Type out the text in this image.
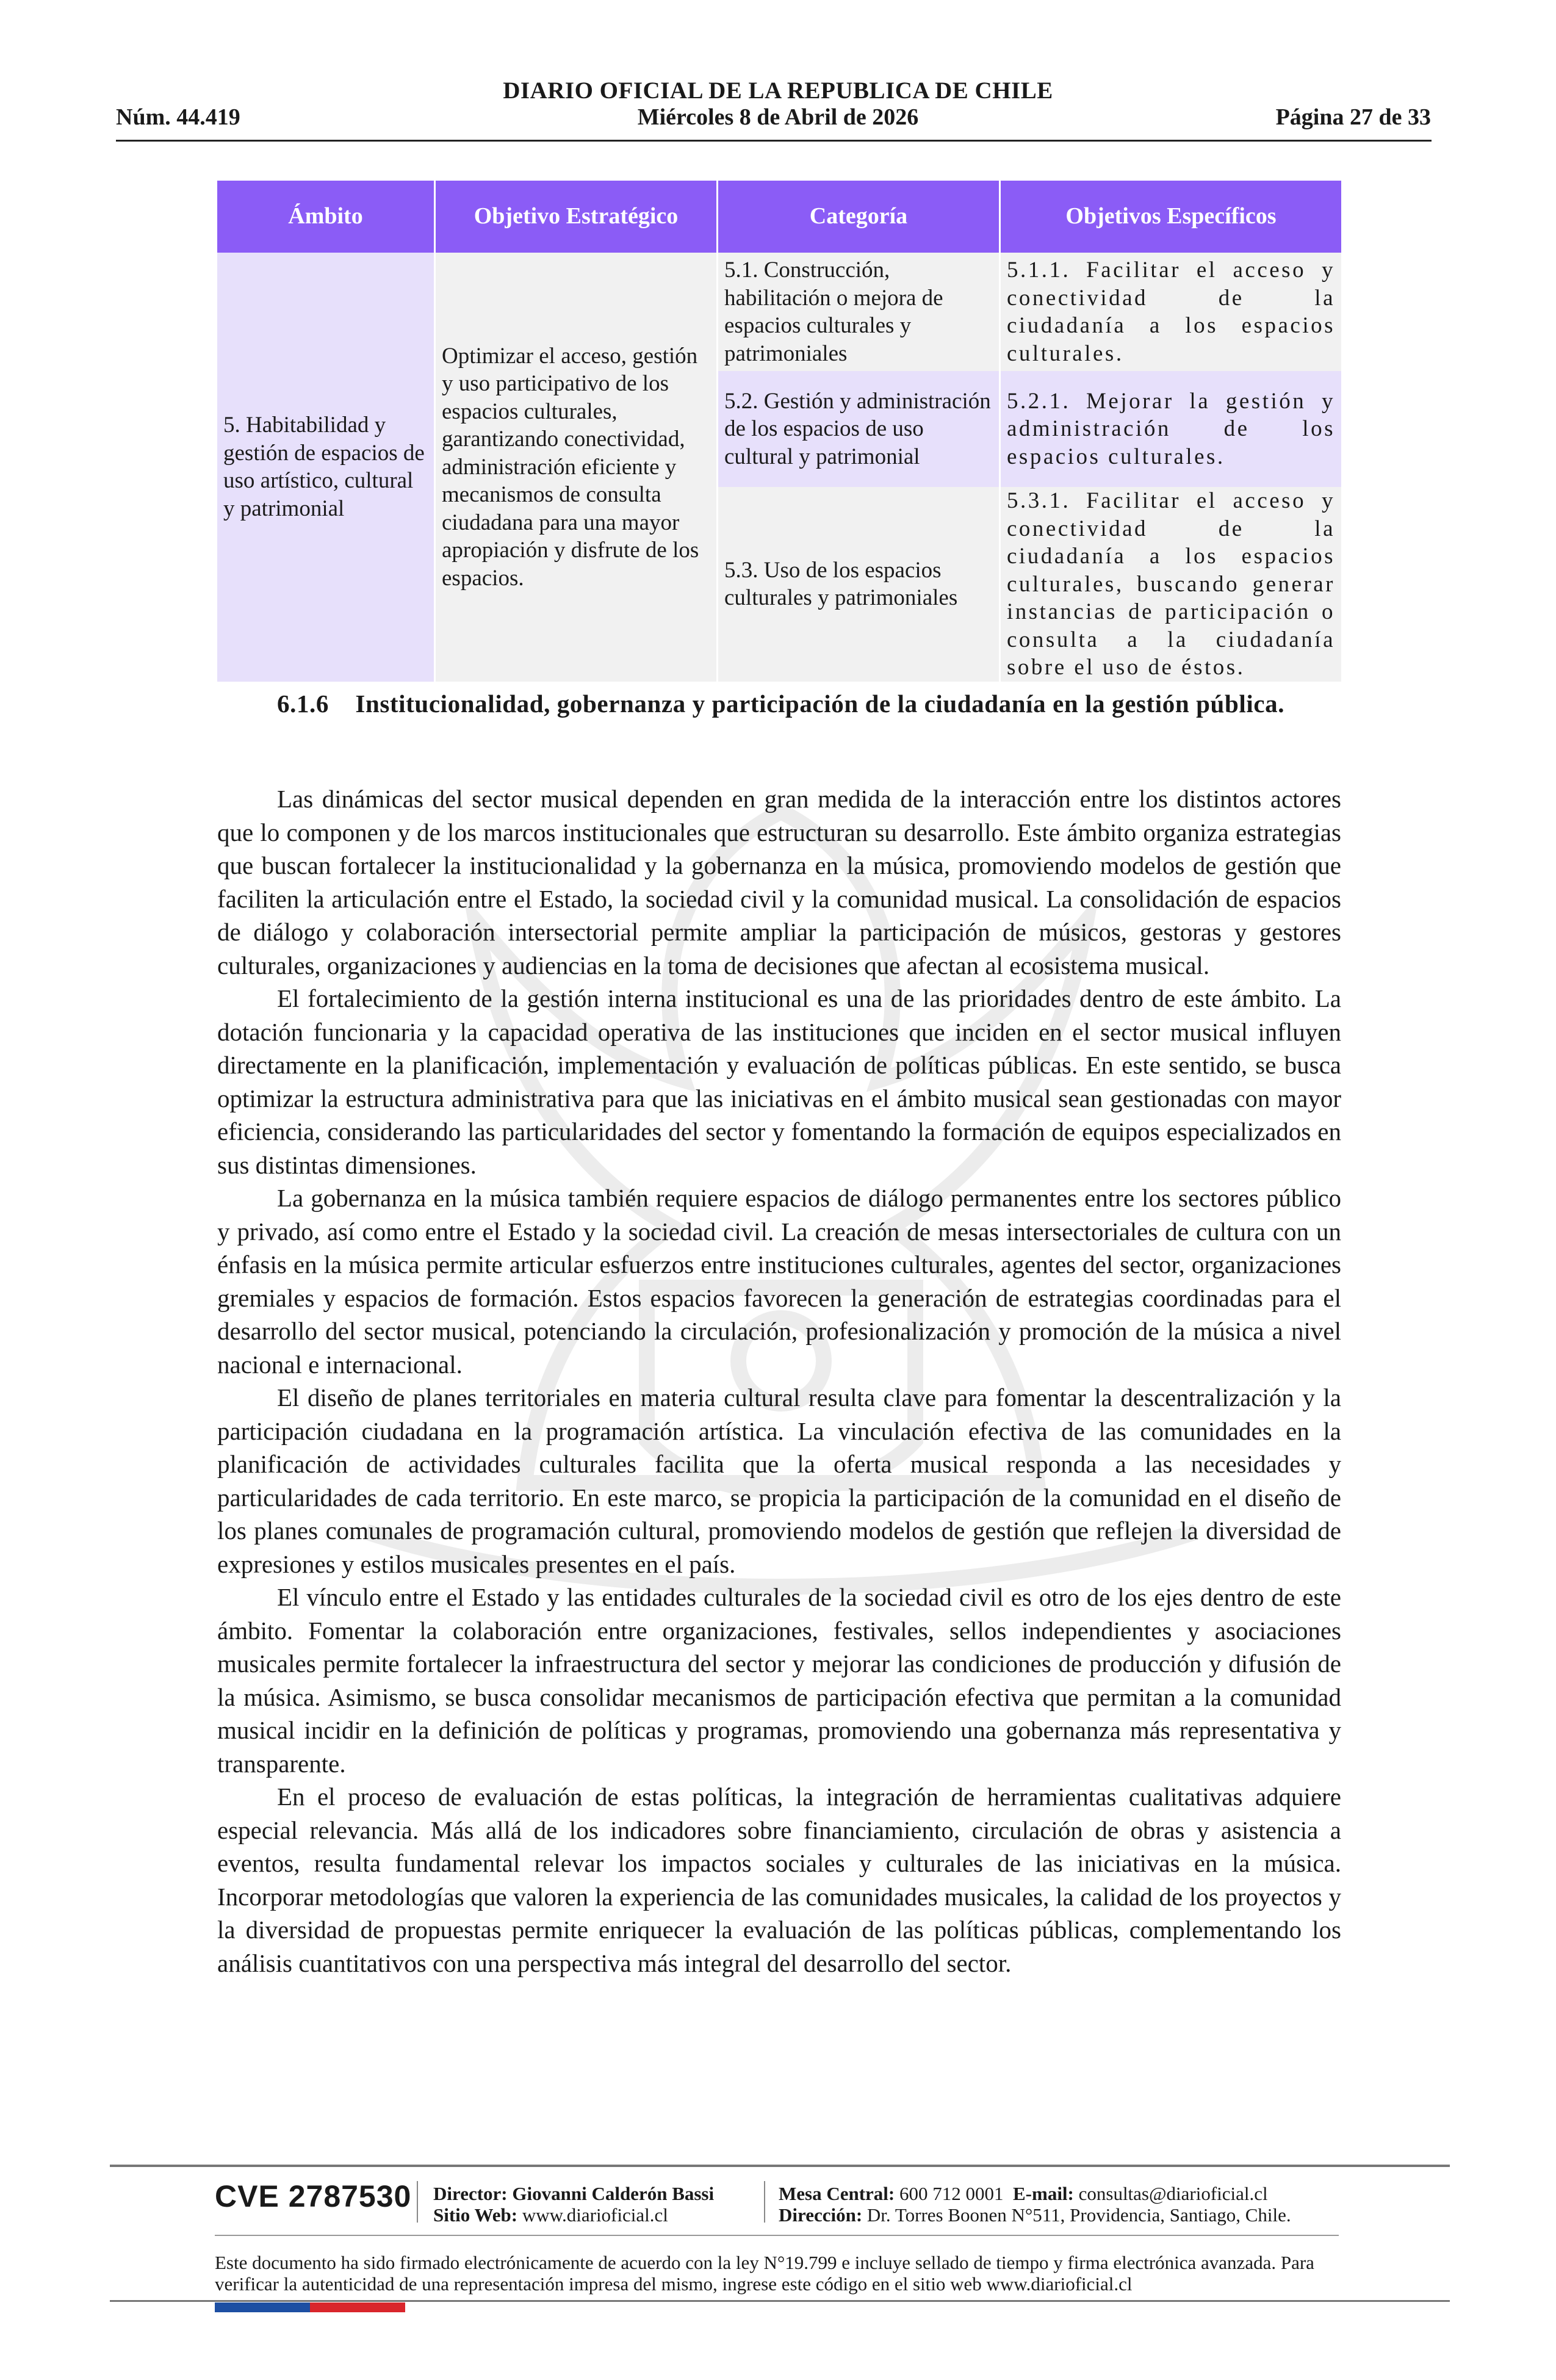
DIARIO OFICIAL DE LA REPUBLICA DE CHILE
Núm. 44.419	Miércoles 8 de Abril de 2026	Página 27 de 33
Ámbito	Objetivo Estratégico	Categoría	Objetivos Específicos
5. Habitabilidad y gestión de espacios de uso artístico, cultural y patrimonial	Optimizar el acceso, gestión y uso participativo de los espacios culturales, garantizando conectividad, administración eficiente y mecanismos de consulta ciudadana para una mayor apropiación y disfrute de los espacios.	5.1. Construcción, habilitación o mejora de espacios culturales y patrimoniales	5.1.1. Facilitar el acceso y conectividad de la ciudadanía a los espacios culturales.
		5.2. Gestión y administración de los espacios de uso cultural y patrimonial	5.2.1. Mejorar la gestión y administración de los espacios culturales.
		5.3. Uso de los espacios culturales y patrimoniales	5.3.1. Facilitar el acceso y conectividad de la ciudadanía a los espacios culturales, buscando generar instancias de participación o consulta a la ciudadanía sobre el uso de éstos.
6.1.6 Institucionalidad, gobernanza y participación de la ciudadanía en la gestión pública.

Las dinámicas del sector musical dependen en gran medida de la interacción entre los distintos actores que lo componen y de los marcos institucionales que estructuran su desarrollo. Este ámbito organiza estrategias que buscan fortalecer la institucionalidad y la gobernanza en la música, promoviendo modelos de gestión que faciliten la articulación entre el Estado, la sociedad civil y la comunidad musical. La consolidación de espacios de diálogo y colaboración intersectorial permite ampliar la participación de músicos, gestoras y gestores culturales, organizaciones y audiencias en la toma de decisiones que afectan al ecosistema musical.

El fortalecimiento de la gestión interna institucional es una de las prioridades dentro de este ámbito. La dotación funcionaria y la capacidad operativa de las instituciones que inciden en el sector musical influyen directamente en la planificación, implementación y evaluación de políticas públicas. En este sentido, se busca optimizar la estructura administrativa para que las iniciativas en el ámbito musical sean gestionadas con mayor eficiencia, considerando las particularidades del sector y fomentando la formación de equipos especializados en sus distintas dimensiones.

La gobernanza en la música también requiere espacios de diálogo permanentes entre los sectores público y privado, así como entre el Estado y la sociedad civil. La creación de mesas intersectoriales de cultura con un énfasis en la música permite articular esfuerzos entre instituciones culturales, agentes del sector, organizaciones gremiales y espacios de formación. Estos espacios favorecen la generación de estrategias coordinadas para el desarrollo del sector musical, potenciando la circulación, profesionalización y promoción de la música a nivel nacional e internacional.

El diseño de planes territoriales en materia cultural resulta clave para fomentar la descentralización y la participación ciudadana en la programación artística. La vinculación efectiva de las comunidades en la planificación de actividades culturales facilita que la oferta musical responda a las necesidades y particularidades de cada territorio. En este marco, se propicia la participación de la comunidad en el diseño de los planes comunales de programación cultural, promoviendo modelos de gestión que reflejen la diversidad de expresiones y estilos musicales presentes en el país.

El vínculo entre el Estado y las entidades culturales de la sociedad civil es otro de los ejes dentro de este ámbito. Fomentar la colaboración entre organizaciones, festivales, sellos independientes y asociaciones musicales permite fortalecer la infraestructura del sector y mejorar las condiciones de producción y difusión de la música. Asimismo, se busca consolidar mecanismos de participación efectiva que permitan a la comunidad musical incidir en la definición de políticas y programas, promoviendo una gobernanza más representativa y transparente.

En el proceso de evaluación de estas políticas, la integración de herramientas cualitativas adquiere especial relevancia. Más allá de los indicadores sobre financiamiento, circulación de obras y asistencia a eventos, resulta fundamental relevar los impactos sociales y culturales de las iniciativas en la música. Incorporar metodologías que valoren la experiencia de las comunidades musicales, la calidad de los proyectos y la diversidad de propuestas permite enriquecer la evaluación de las políticas públicas, complementando los análisis cuantitativos con una perspectiva más integral del desarrollo del sector.

CVE 2787530 Director: Giovanni Calderón Bassi
Sitio Web: www.diarioficial.cl
Mesa Central: 600 712 0001 E-mail: consultas@diarioficial.cl
Dirección: Dr. Torres Boonen N°511, Providencia, Santiago, Chile.
Este documento ha sido firmado electrónicamente de acuerdo con la ley N°19.799 e incluye sellado de tiempo y firma electrónica avanzada. Para verificar la autenticidad de una representación impresa del mismo, ingrese este código en el sitio web www.diarioficial.cl
